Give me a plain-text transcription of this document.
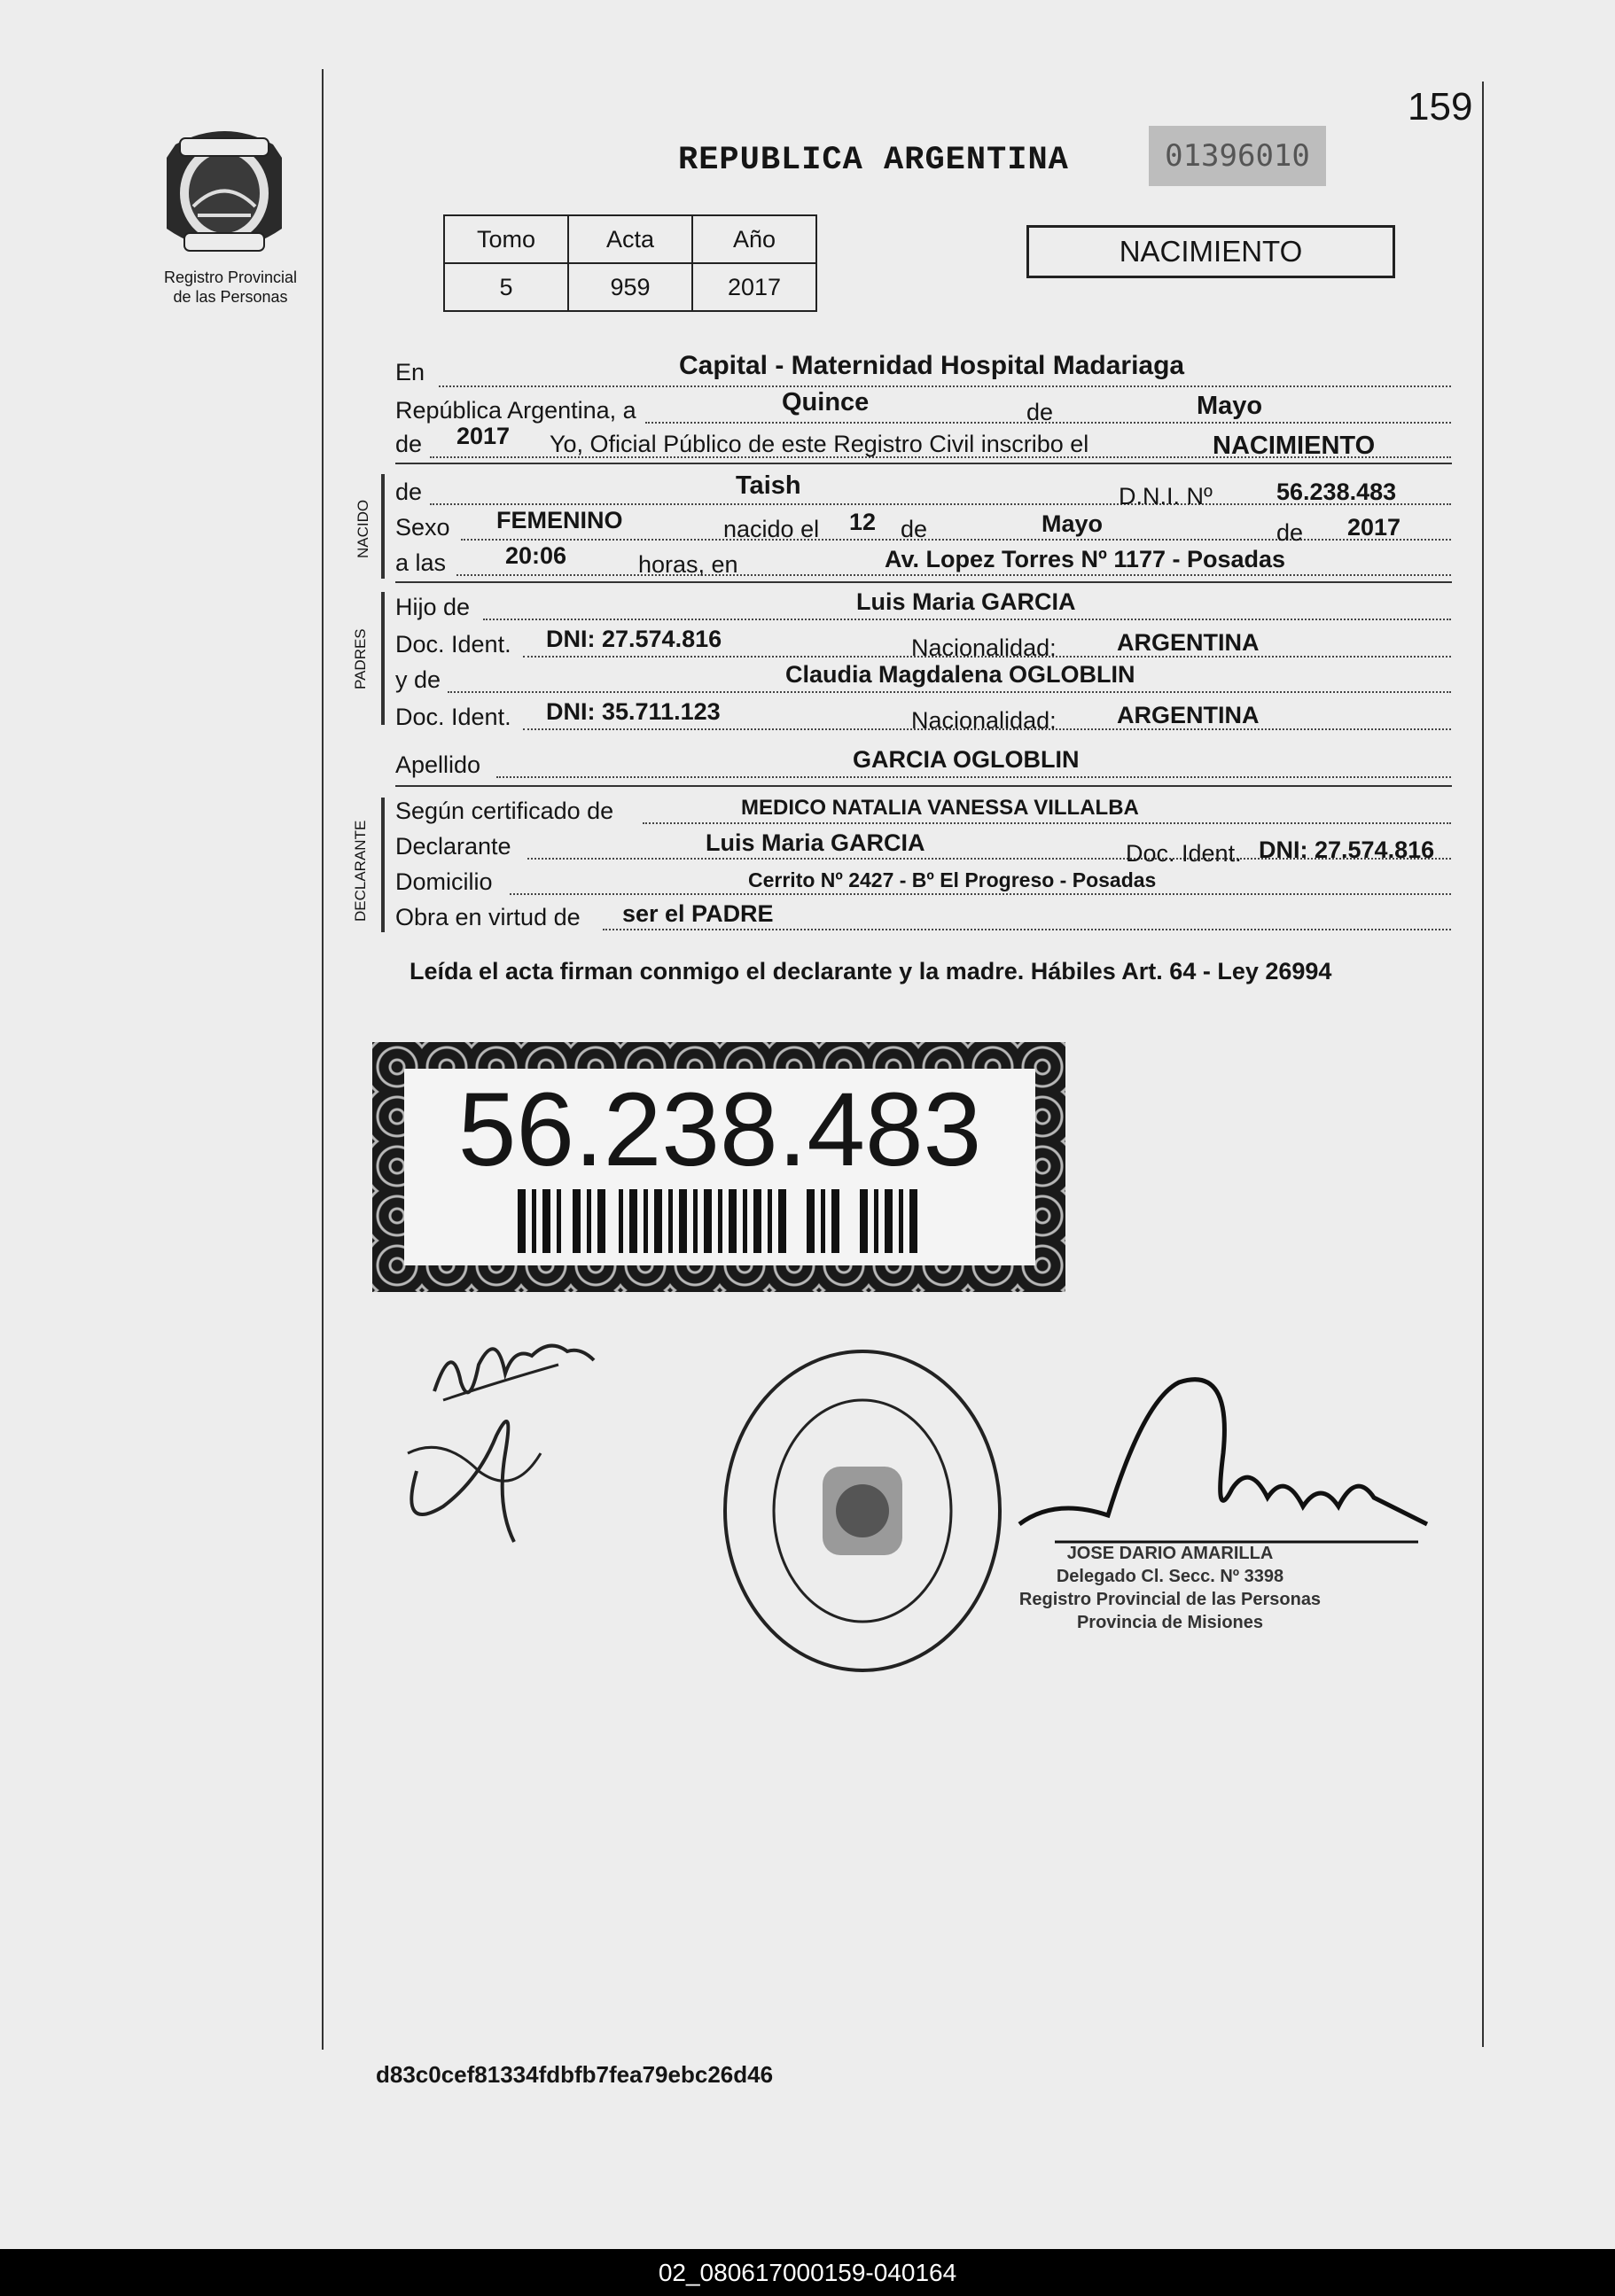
159
Registro Provincial
de las Personas
REPUBLICA ARGENTINA	01396010
Tomo	Acta	Año
5	959	2017
NACIMIENTO
En	Capital - Maternidad Hospital Madariaga
República Argentina, a	Quince	de	Mayo
de 2017 Yo, Oficial Público de este Registro Civil inscribo el	NACIMIENTO
NACIDO
de	Taish	D.N.I. Nº	56.238.483
Sexo FEMENINO	nacido el 12 de	Mayo	de 2017
a las 20:06	horas, en	Av. Lopez Torres Nº 1177 - Posadas
PADRES
Hijo de	Luis Maria GARCIA
Doc. Ident. DNI: 27.574.816	Nacionalidad:	ARGENTINA
y de	Claudia Magdalena OGLOBLIN
Doc. Ident. DNI: 35.711.123	Nacionalidad:	ARGENTINA
Apellido	GARCIA OGLOBLIN
DECLARANTE
Según certificado de	MEDICO NATALIA VANESSA VILLALBA
Declarante	Luis Maria GARCIA	Doc. Ident. DNI: 27.574.816
Domicilio	Cerrito Nº 2427 - Bº El Progreso - Posadas
Obra en virtud de ser el PADRE
Leída el acta firman conmigo el declarante y la madre. Hábiles Art. 64 - Ley 26994
56.238.483
JOSE DARIO AMARILLA
Delegado Cl. Secc. Nº 3398
Registro Provincial de las Personas
Provincia de Misiones
d83c0cef81334fdbfb7fea79ebc26d46
02_080617000159-040164
